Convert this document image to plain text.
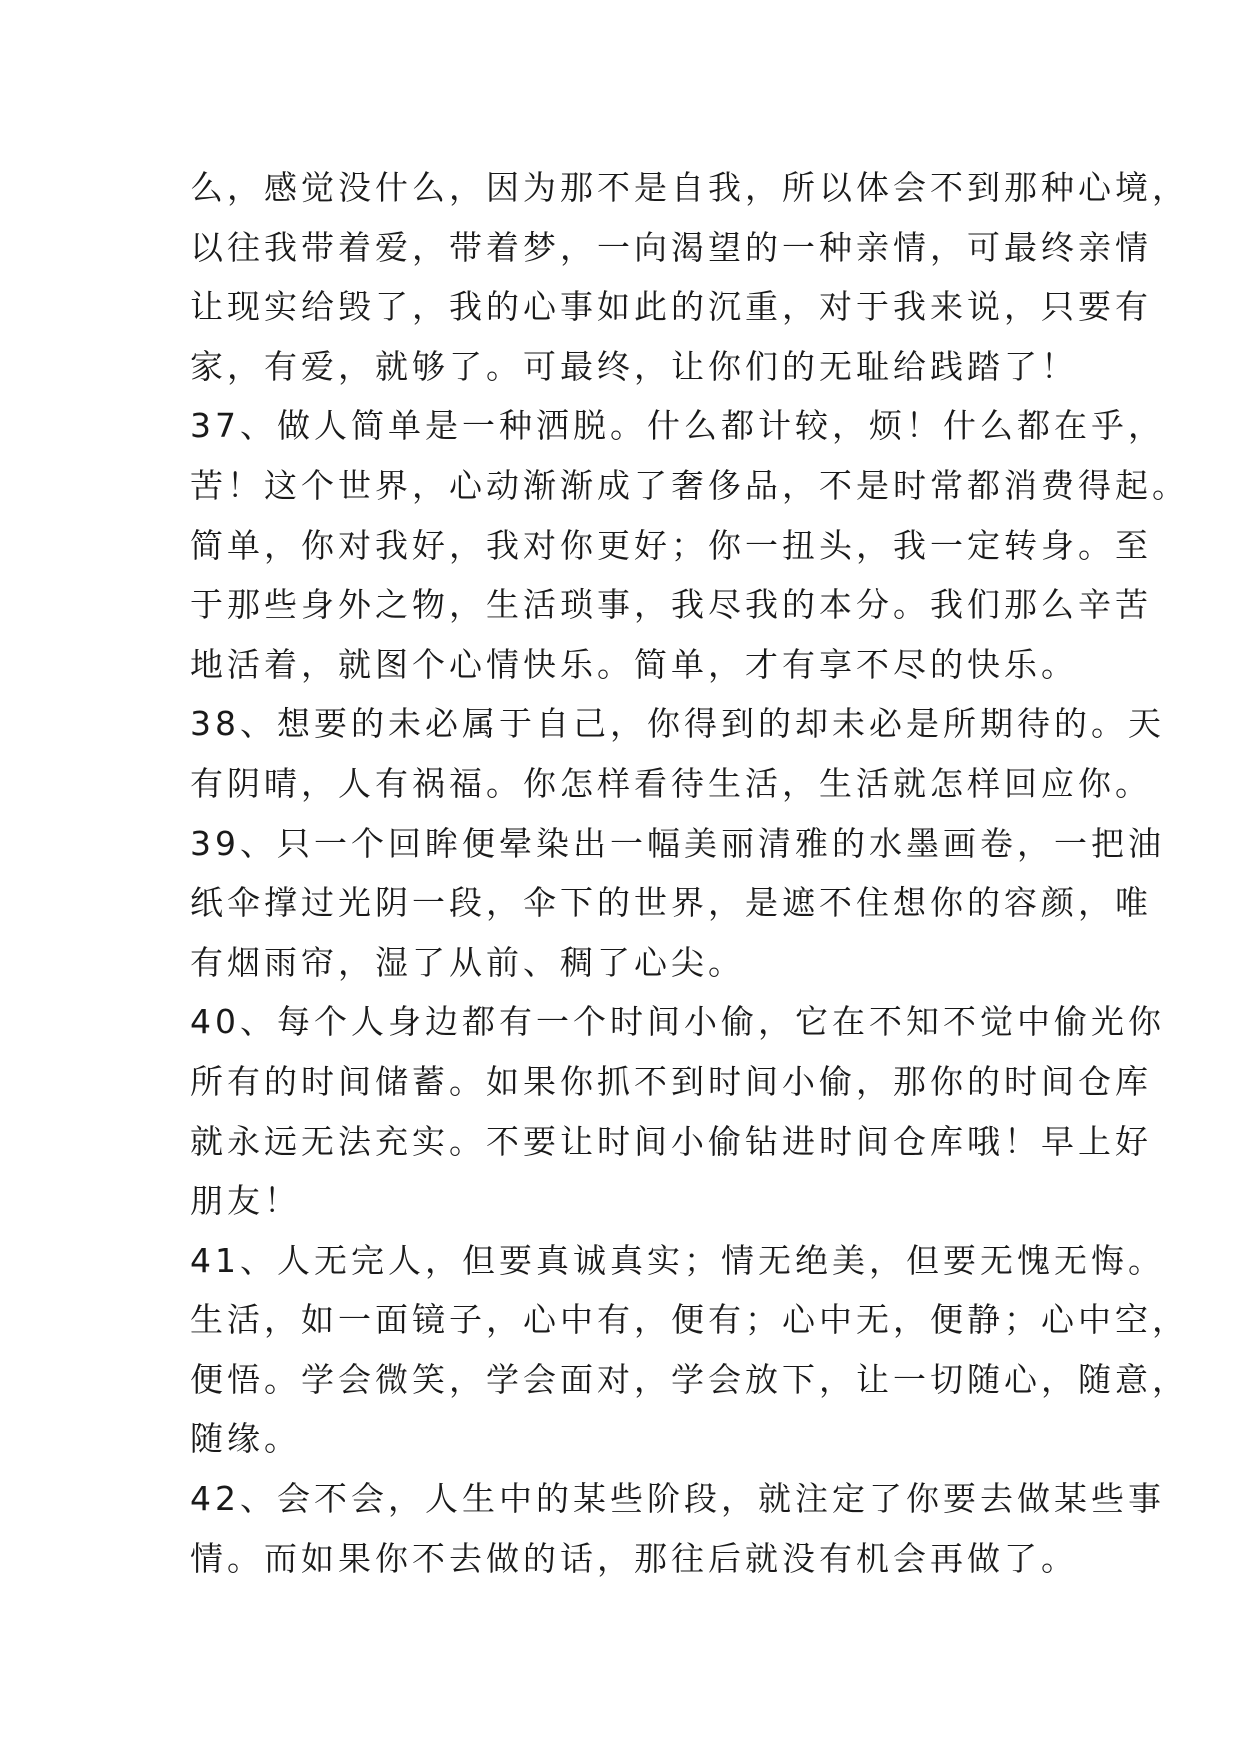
么，感觉没什么，因为那不是自我，所以体会不到那种心境，
以往我带着爱，带着梦，一向渴望的一种亲情，可最终亲情
让现实给毁了，我的心事如此的沉重，对于我来说，只要有
家，有爱，就够了。可最终，让你们的无耻给践踏了！
37、做人简单是一种洒脱。什么都计较，烦！什么都在乎，
苦！这个世界，心动渐渐成了奢侈品，不是时常都消费得起。
简单，你对我好，我对你更好；你一扭头，我一定转身。至
于那些身外之物，生活琐事，我尽我的本分。我们那么辛苦
地活着，就图个心情快乐。简单，才有享不尽的快乐。
38、想要的未必属于自己，你得到的却未必是所期待的。天
有阴晴，人有祸福。你怎样看待生活，生活就怎样回应你。
39、只一个回眸便晕染出一幅美丽清雅的水墨画卷，一把油
纸伞撑过光阴一段，伞下的世界，是遮不住想你的容颜，唯
有烟雨帘，湿了从前、稠了心尖。
40、每个人身边都有一个时间小偷，它在不知不觉中偷光你
所有的时间储蓄。如果你抓不到时间小偷，那你的时间仓库
就永远无法充实。不要让时间小偷钻进时间仓库哦！早上好
朋友！
41、人无完人，但要真诚真实；情无绝美，但要无愧无悔。
生活，如一面镜子，心中有，便有；心中无，便静；心中空，
便悟。学会微笑，学会面对，学会放下，让一切随心，随意，
随缘。
42、会不会，人生中的某些阶段，就注定了你要去做某些事
情。而如果你不去做的话，那往后就没有机会再做了。
